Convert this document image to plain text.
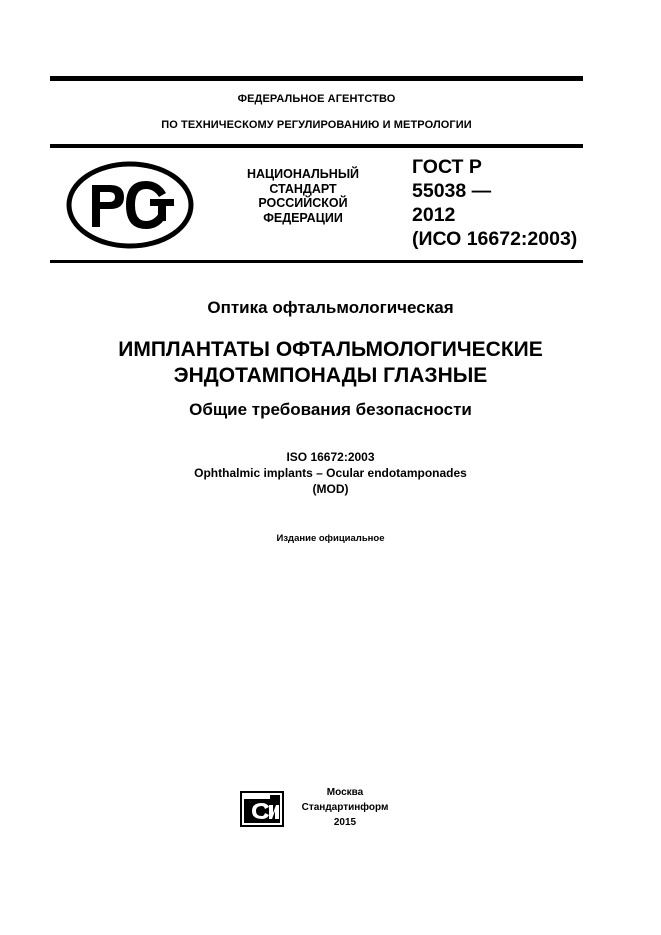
ФЕДЕРАЛЬНОЕ АГЕНТСТВО
ПО ТЕХНИЧЕСКОМУ РЕГУЛИРОВАНИЮ И МЕТРОЛОГИИ
НАЦИОНАЛЬНЫЙ
СТАНДАРТ
РОССИЙСКОЙ
ФЕДЕРАЦИИ
ГОСТ Р
55038 —
2012
(ИСО 16672:2003)
Оптика офтальмологическая
ИМПЛАНТАТЫ ОФТАЛЬМОЛОГИЧЕСКИЕ
ЭНДОТАМПОНАДЫ ГЛАЗНЫЕ
Общие требования безопасности
ISO 16672:2003
Ophthalmic implants – Ocular endotamponades
(MOD)
Издание официальное
Москва
Стандартинформ
2015
